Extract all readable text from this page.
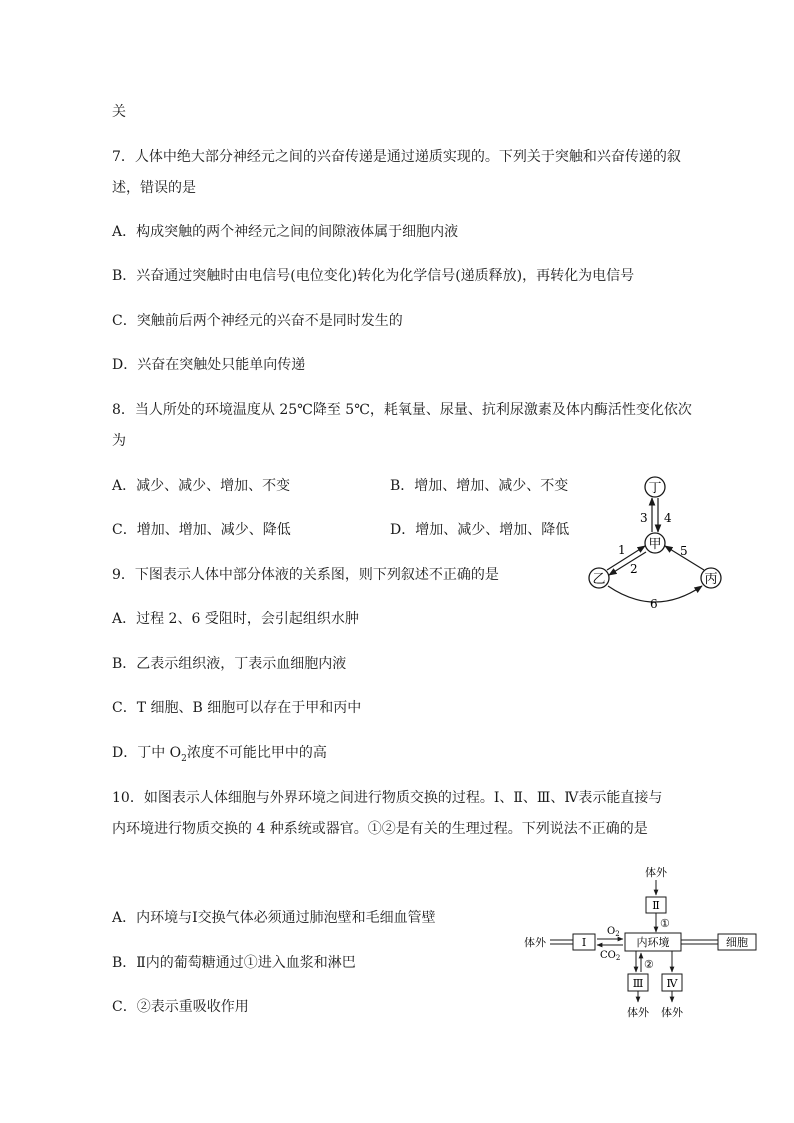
关
7．人体中绝大部分神经元之间的兴奋传递是通过递质实现的。下列关于突触和兴奋传递的叙
述，错误的是
A．构成突触的两个神经元之间的间隙液体属于细胞内液
B．兴奋通过突触时由电信号(电位变化)转化为化学信号(递质释放)，再转化为电信号
C．突触前后两个神经元的兴奋不是同时发生的
D．兴奋在突触处只能单向传递
8．当人所处的环境温度从 25℃降至 5℃，耗氧量、尿量、抗利尿激素及体内酶活性变化依次
为
A．减少、减少、增加、不变	B．增加、增加、减少、不变
C．增加、增加、减少、降低	D．增加、减少、增加、降低
9．下图表示人体中部分体液的关系图，则下列叙述不正确的是
A．过程 2、6 受阻时，会引起组织水肿
B．乙表示组织液，丁表示血细胞内液
C．T 细胞、B 细胞可以存在于甲和丙中
D．丁中 $O_2$浓度不可能比甲中的高
10．如图表示人体细胞与外界环境之间进行物质交换的过程。Ⅰ、Ⅱ、Ⅲ、Ⅳ表示能直接与
内环境进行物质交换的 4 种系统或器官。①②是有关的生理过程。下列说法不正确的是
A．内环境与Ⅰ交换气体必须通过肺泡壁和毛细血管壁
B．Ⅱ内的葡萄糖通过①进入血浆和淋巴
C．②表示重吸收作用
丁
甲
乙	丙
3 4
1
2
5
6
体外
Ⅱ
①
体外	Ⅰ
$O_2$
$CO_2$
内环境	细胞
②
Ⅲ
体外
Ⅳ
体外
